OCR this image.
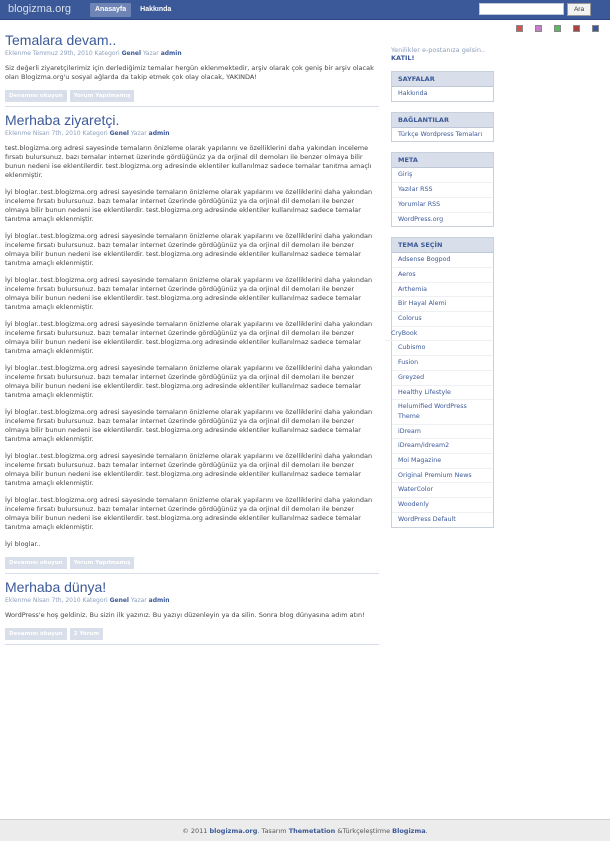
blogizma.org	Anasayfa	Hakkında	Ara
Temalara devam..
Eklenme Temmuz 29th, 2010 Kategori Genel Yazar admin

Siz değerli ziyaretçilerimiz için derlediğimiz temalar hergün eklenmektedir, arşiv olarak çok geniş bir arşiv olacak olan Blogizma.org'u sosyal ağlarda da takip etmek çok olay olacak, YAKINDA!

Devamını okuyun	Yorum Yapılmamış
Merhaba ziyaretçi.
Eklenme Nisan 7th, 2010 Kategori Genel Yazar admin

test.blogizma.org adresi sayesinde temaların önizleme olarak yapılarını ve özelliklerini daha yakından inceleme fırsatı bulursunuz. bazı temalar internet üzerinde gördüğünüz ya da orjinal dil demoları ile benzer olmaya bilir bunun nedeni ise eklentilerdir. test.blogizma.org adresinde eklentiler kullanılmaz sadece temalar tanıtma amaçlı eklenmiştir.

İyi bloglar..test.blogizma.org adresi sayesinde temaların önizleme olarak yapılarını ve özelliklerini daha yakından inceleme fırsatı bulursunuz. bazı temalar internet üzerinde gördüğünüz ya da orjinal dil demoları ile benzer olmaya bilir bunun nedeni ise eklentilerdir. test.blogizma.org adresinde eklentiler kullanılmaz sadece temalar tanıtma amaçlı eklenmiştir.

İyi bloglar..test.blogizma.org adresi sayesinde temaların önizleme olarak yapılarını ve özelliklerini daha yakından inceleme fırsatı bulursunuz. bazı temalar internet üzerinde gördüğünüz ya da orjinal dil demoları ile benzer olmaya bilir bunun nedeni ise eklentilerdir. test.blogizma.org adresinde eklentiler kullanılmaz sadece temalar tanıtma amaçlı eklenmiştir.

İyi bloglar..test.blogizma.org adresi sayesinde temaların önizleme olarak yapılarını ve özelliklerini daha yakından inceleme fırsatı bulursunuz. bazı temalar internet üzerinde gördüğünüz ya da orjinal dil demoları ile benzer olmaya bilir bunun nedeni ise eklentilerdir. test.blogizma.org adresinde eklentiler kullanılmaz sadece temalar tanıtma amaçlı eklenmiştir.

İyi bloglar..test.blogizma.org adresi sayesinde temaların önizleme olarak yapılarını ve özelliklerini daha yakından inceleme fırsatı bulursunuz. bazı temalar internet üzerinde gördüğünüz ya da orjinal dil demoları ile benzer olmaya bilir bunun nedeni ise eklentilerdir. test.blogizma.org adresinde eklentiler kullanılmaz sadece temalar tanıtma amaçlı eklenmiştir.

İyi bloglar..test.blogizma.org adresi sayesinde temaların önizleme olarak yapılarını ve özelliklerini daha yakından inceleme fırsatı bulursunuz. bazı temalar internet üzerinde gördüğünüz ya da orjinal dil demoları ile benzer olmaya bilir bunun nedeni ise eklentilerdir. test.blogizma.org adresinde eklentiler kullanılmaz sadece temalar tanıtma amaçlı eklenmiştir.

İyi bloglar..test.blogizma.org adresi sayesinde temaların önizleme olarak yapılarını ve özelliklerini daha yakından inceleme fırsatı bulursunuz. bazı temalar internet üzerinde gördüğünüz ya da orjinal dil demoları ile benzer olmaya bilir bunun nedeni ise eklentilerdir. test.blogizma.org adresinde eklentiler kullanılmaz sadece temalar tanıtma amaçlı eklenmiştir.

İyi bloglar..test.blogizma.org adresi sayesinde temaların önizleme olarak yapılarını ve özelliklerini daha yakından inceleme fırsatı bulursunuz. bazı temalar internet üzerinde gördüğünüz ya da orjinal dil demoları ile benzer olmaya bilir bunun nedeni ise eklentilerdir. test.blogizma.org adresinde eklentiler kullanılmaz sadece temalar tanıtma amaçlı eklenmiştir.

İyi bloglar..test.blogizma.org adresi sayesinde temaların önizleme olarak yapılarını ve özelliklerini daha yakından inceleme fırsatı bulursunuz. bazı temalar internet üzerinde gördüğünüz ya da orjinal dil demoları ile benzer olmaya bilir bunun nedeni ise eklentilerdir. test.blogizma.org adresinde eklentiler kullanılmaz sadece temalar tanıtma amaçlı eklenmiştir.

İyi bloglar..

Devamını okuyun	Yorum Yapılmamış
Merhaba dünya!
Eklenme Nisan 7th, 2010 Kategori Genel Yazar admin

WordPress'e hoş geldiniz. Bu sizin ilk yazınız. Bu yazıyı düzenleyin ya da silin. Sonra blog dünyasına adım atın!

Devamını okuyun	2 Yorum
Yenilikler e-postanıza gelsin.. KATIL!
SAYFALAR
Hakkında
BAĞLANTILAR
Türkçe Wordpress Temaları
META
Giriş
Yazılar RSS
Yorumlar RSS
WordPress.org
TEMA SEÇİN
Adsense Bogpod
Aeros
Arthemia
Bir Hayal Alemi
Colorus
CryBook
Cubismo
Fusion
Greyzed
Healthy Lifestyle
Helumified WordPress Theme
iDream
iDream/idream2
Moi Magazine
Original Premium News
WaterColor
Woodenly
WordPress Default
© 2011 blogizma.org. Tasarım Themetation &Türkçeleştirme Blogizma.
